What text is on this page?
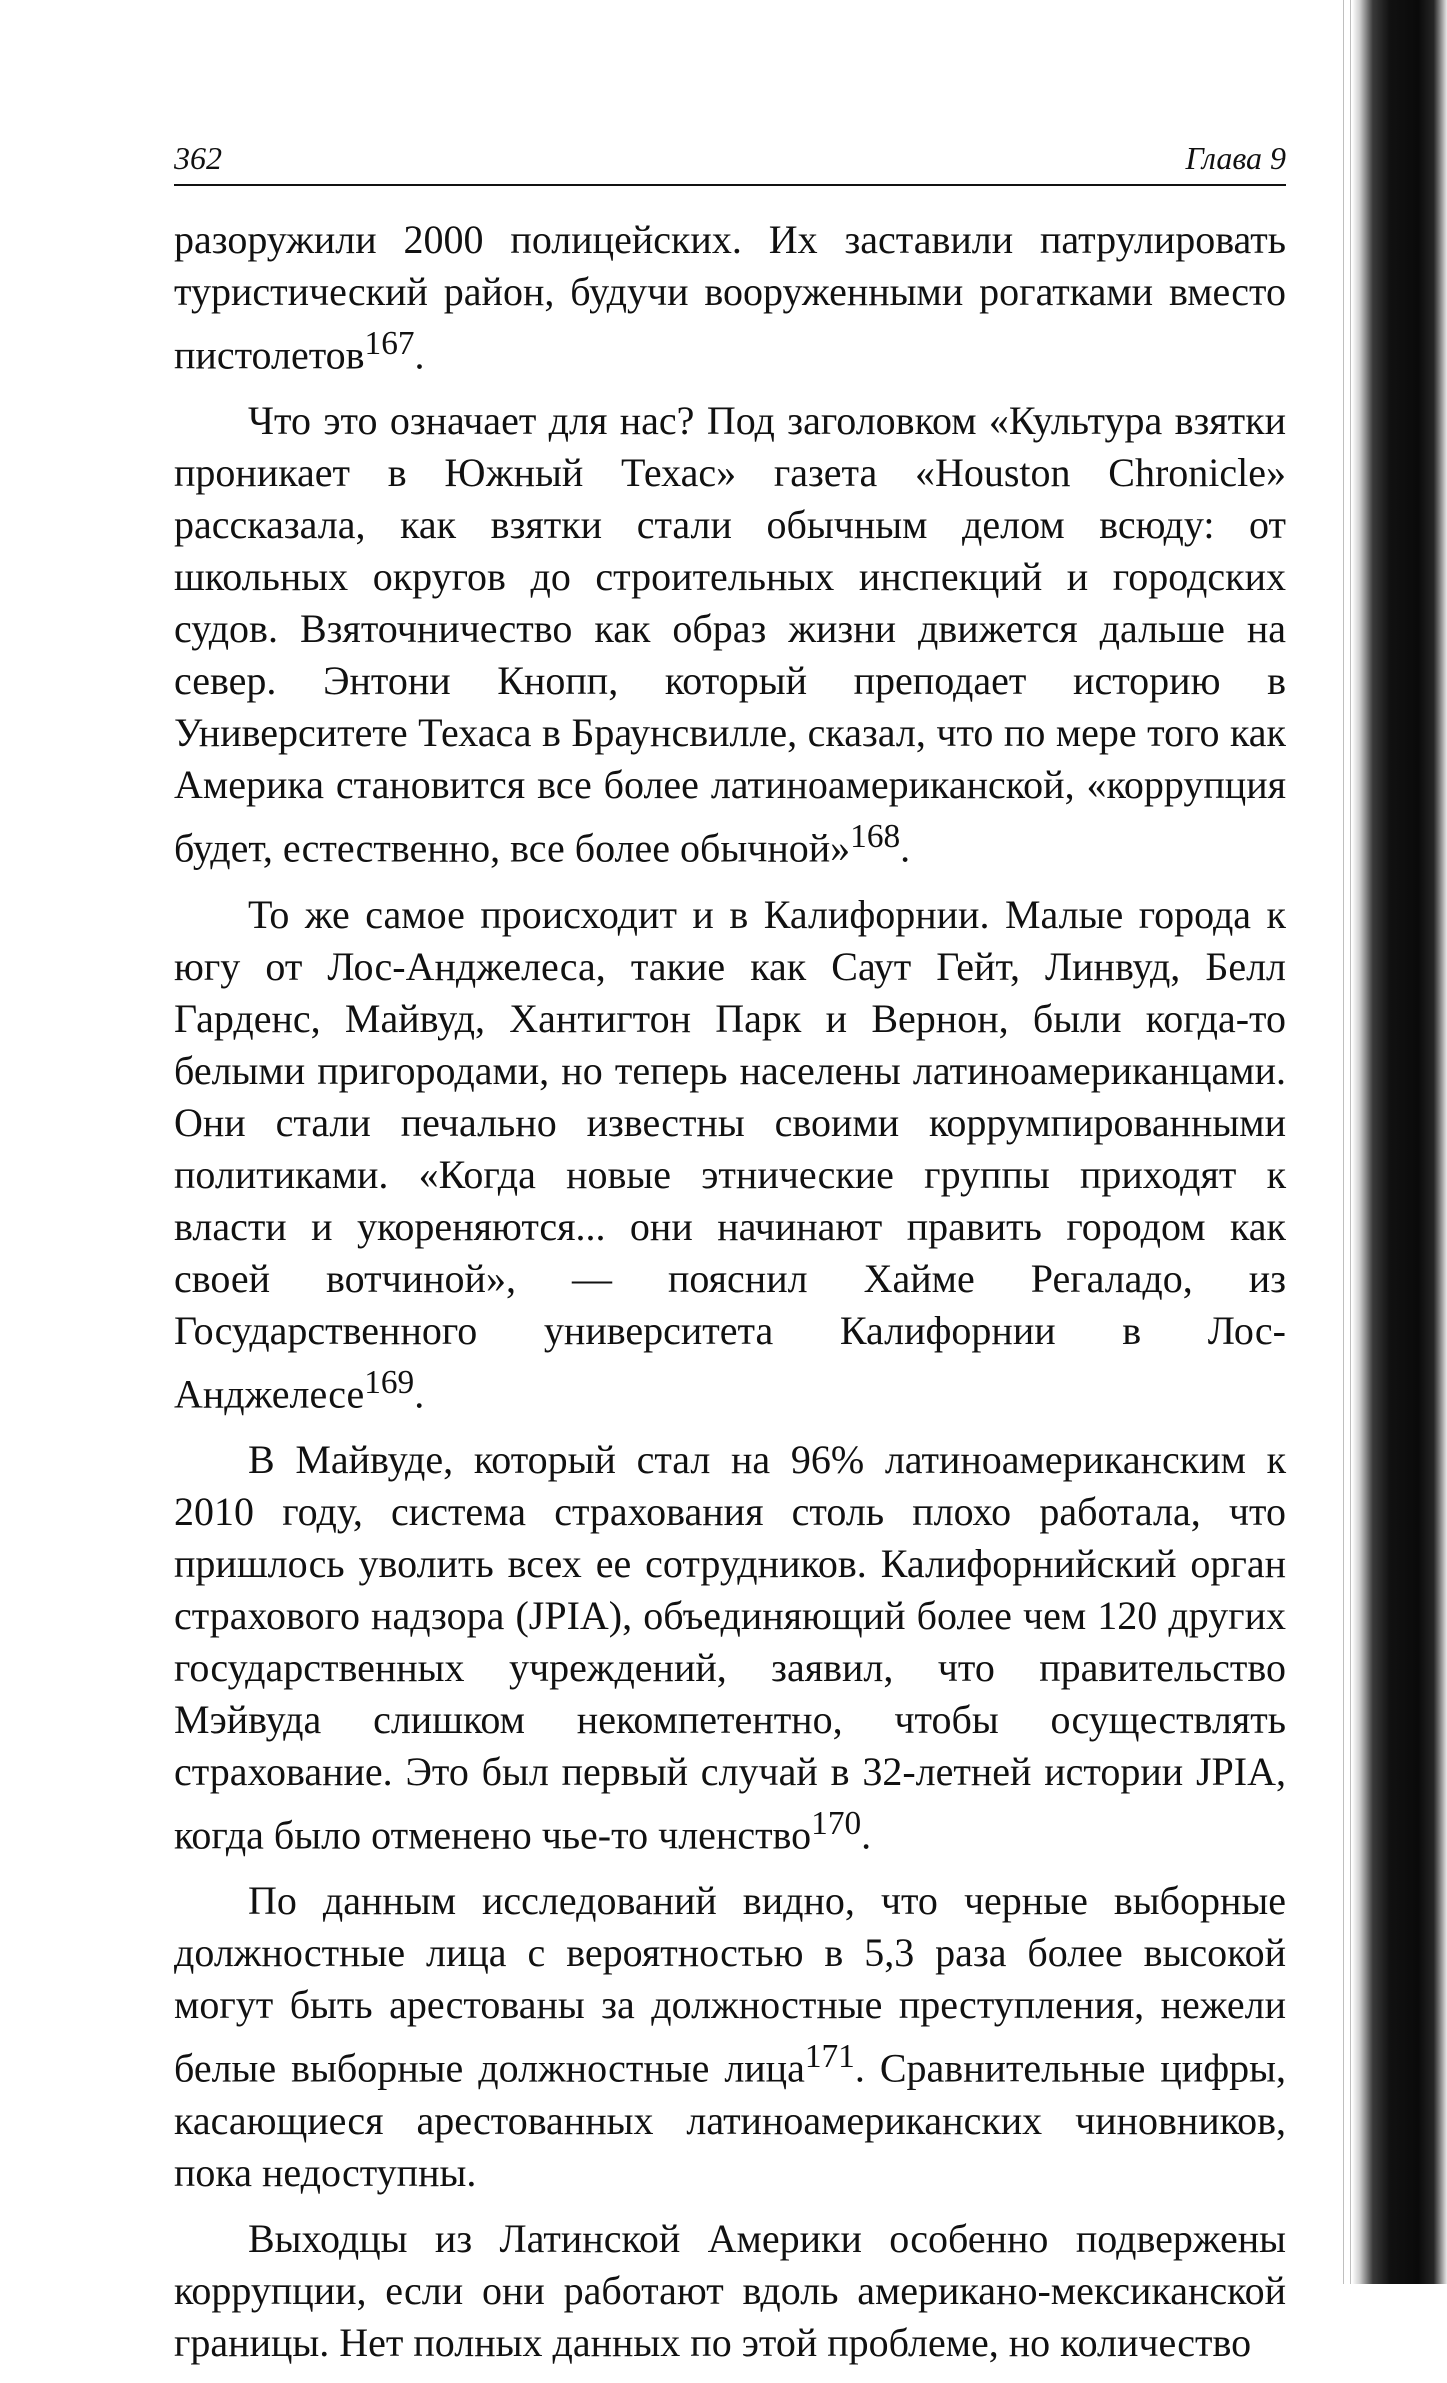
362	Глава 9

разоружили 2000 полицейских. Их заставили патрулировать туристический район, будучи вооруженными рогатками вместо пистолетов$^{167}$.

Что это означает для нас? Под заголовком «Культура взятки проникает в Южный Техас» газета «Houston Chronicle» рассказала, как взятки стали обычным делом всюду: от школьных округов до строительных инспекций и городских судов. Взяточничество как образ жизни движется дальше на север. Энтони Кнопп, который преподает историю в Университете Техаса в Браунсвилле, сказал, что по мере того как Америка становится все более латиноамериканской, «коррупция будет, естественно, все более обычной»$^{168}$.

То же самое происходит и в Калифорнии. Малые города к югу от Лос-Анджелеса, такие как Саут Гейт, Линвуд, Белл Гарденс, Майвуд, Хантигтон Парк и Вернон, были когда-то белыми пригородами, но теперь населены латиноамериканцами. Они стали печально известны своими коррумпированными политиками. «Когда новые этнические группы приходят к власти и укореняются... они начинают править городом как своей вотчиной», — пояснил Хайме Регаладо, из Государственного университета Калифорнии в Лос-Анджелесе$^{169}$.

В Майвуде, который стал на 96% латиноамериканским к 2010 году, система страхования столь плохо работала, что пришлось уволить всех ее сотрудников. Калифорнийский орган страхового надзора (JPIA), объединяющий более чем 120 других государственных учреждений, заявил, что правительство Мэйвуда слишком некомпетентно, чтобы осуществлять страхование. Это был первый случай в 32-летней истории JPIA, когда было отменено чье-то членство$^{170}$.

По данным исследований видно, что черные выборные должностные лица с вероятностью в 5,3 раза более высокой могут быть арестованы за должностные преступления, нежели белые выборные должностные лица$^{171}$. Сравнительные цифры, касающиеся арестованных латиноамериканских чиновников, пока недоступны.

Выходцы из Латинской Америки особенно подвержены коррупции, если они работают вдоль американо-мексиканской границы. Нет полных данных по этой проблеме, но количество
